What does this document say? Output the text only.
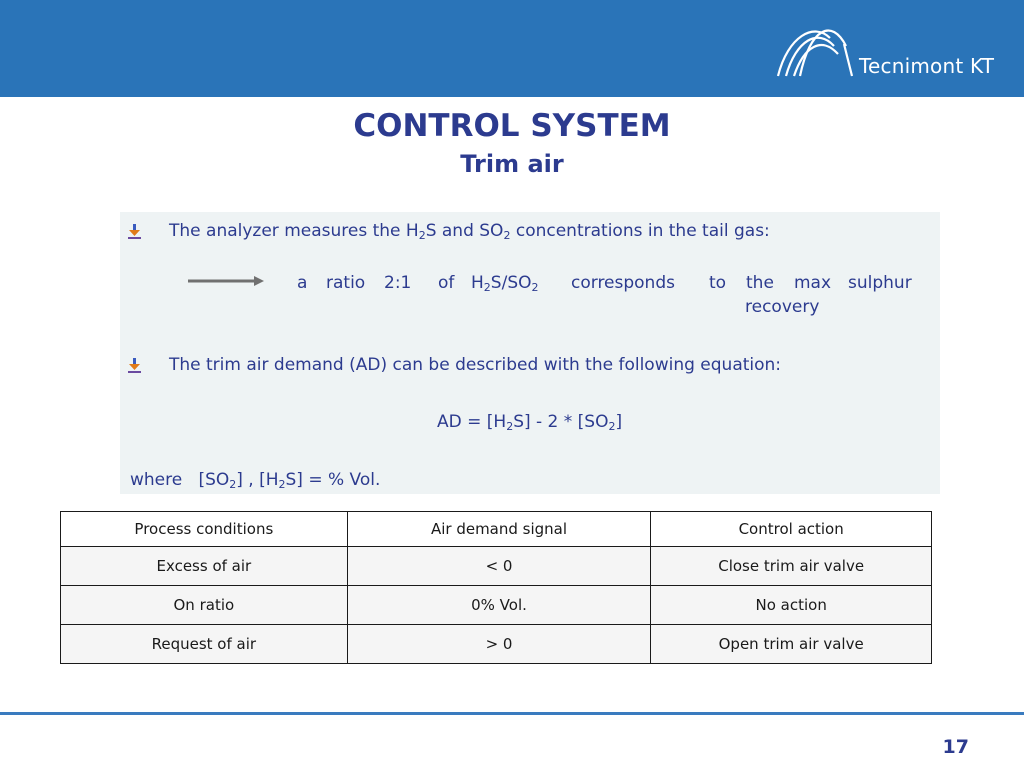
Tecnimont KT
CONTROL SYSTEM
Trim air
The analyzer measures the $H_2S$ and $SO_2$ concentrations in the tail gas:
a ratio 2:1 of $H_2S/SO_2$ corresponds to the max sulphur
recovery
The trim air demand (AD) can be described with the following equation:
AD = $[H_2S] - 2 * [SO_2]$
where $[SO_2]$ , $[H_2S]$ = % Vol.
Process conditions	Air demand signal	Control action
Excess of air	< 0	Close trim air valve
On ratio	0% Vol.	No action
Request of air	> 0	Open trim air valve
17
